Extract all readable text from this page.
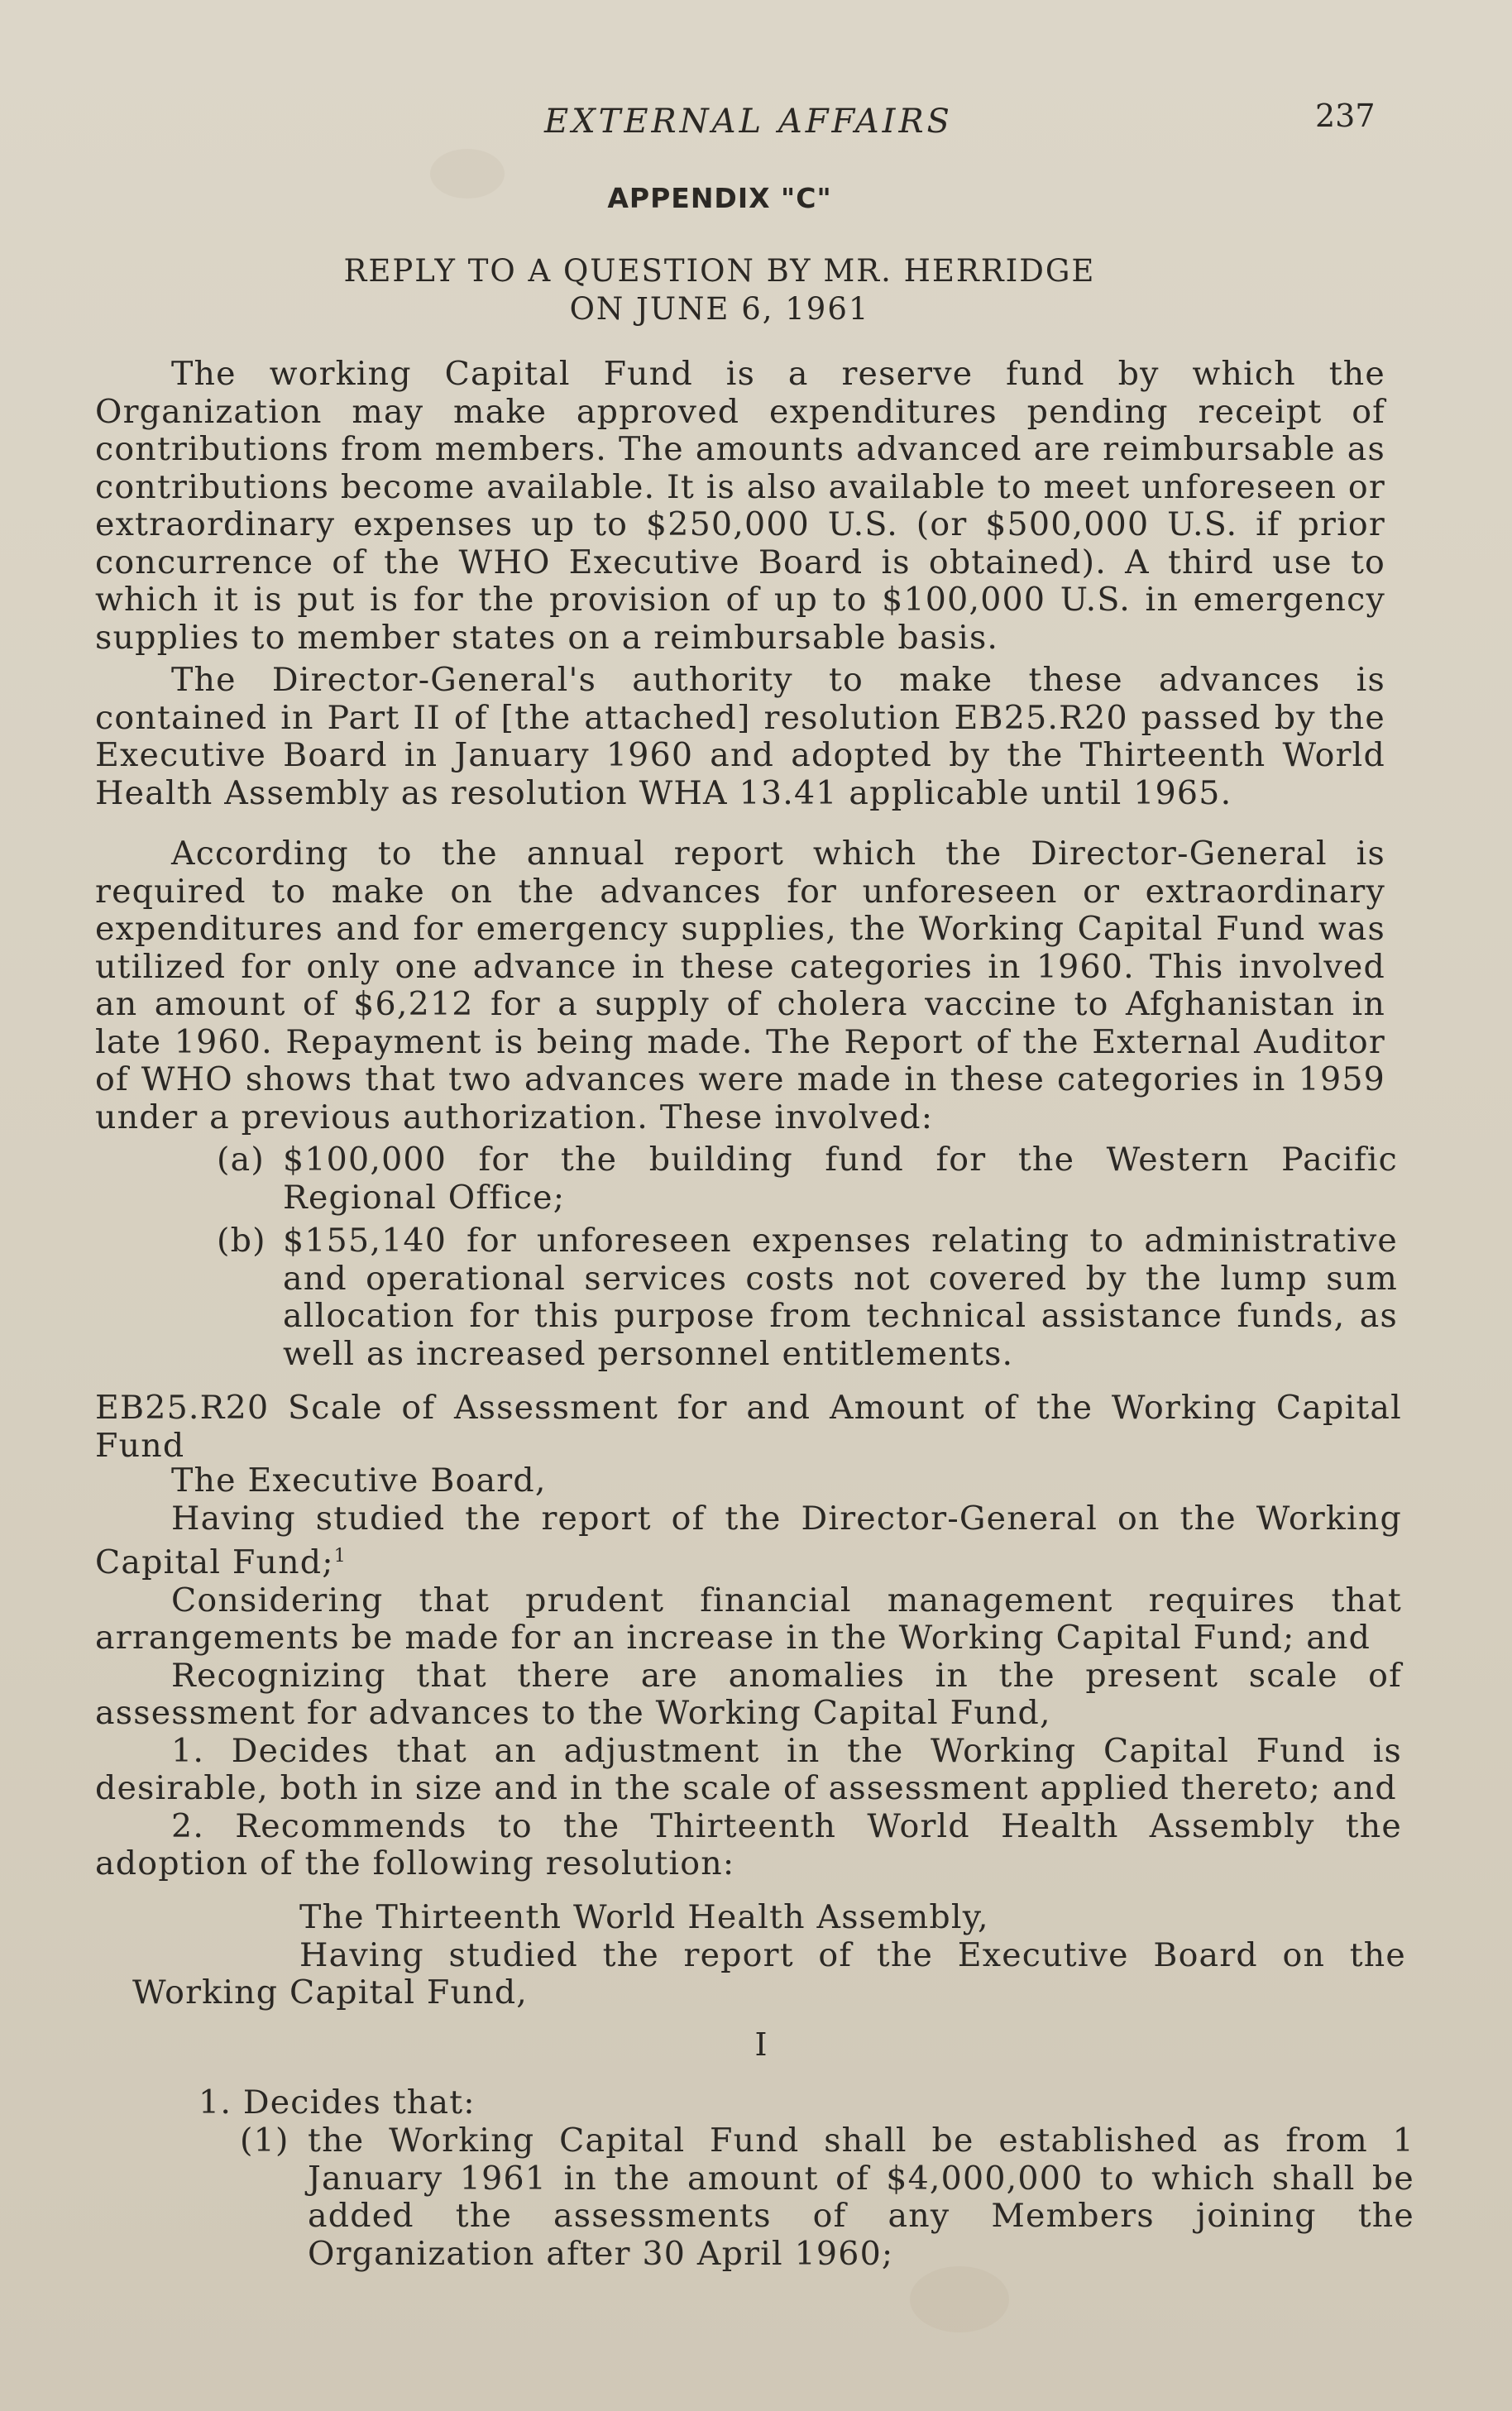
EXTERNAL AFFAIRS	237
APPENDIX "C"
REPLY TO A QUESTION BY MR. HERRIDGE
ON JUNE 6, 1961

The working Capital Fund is a reserve fund by which the Organization may make approved expenditures pending receipt of contributions from members. The amounts advanced are reimbursable as contributions become available. It is also available to meet unforeseen or extraordinary expenses up to $250,000 U.S. (or $500,000 U.S. if prior concurrence of the WHO Executive Board is obtained). A third use to which it is put is for the provision of up to $100,000 U.S. in emergency supplies to member states on a reimbursable basis.

The Director-General's authority to make these advances is contained in Part II of [the attached] resolution EB25.R20 passed by the Executive Board in January 1960 and adopted by the Thirteenth World Health Assembly as resolution WHA 13.41 applicable until 1965.

According to the annual report which the Director-General is required to make on the advances for unforeseen or extraordinary expenditures and for emergency supplies, the Working Capital Fund was utilized for only one advance in these categories in 1960. This involved an amount of $6,212 for a supply of cholera vaccine to Afghanistan in late 1960. Repayment is being made. The Report of the External Auditor of WHO shows that two advances were made in these categories in 1959 under a previous authorization. These involved:

(a) $100,000 for the building fund for the Western Pacific Regional Office;
(b) $155,140 for unforeseen expenses relating to administrative and operational services costs not covered by the lump sum allocation for this purpose from technical assistance funds, as well as increased personnel entitlements.

EB25.R20 Scale of Assessment for and Amount of the Working Capital Fund

The Executive Board,

Having studied the report of the Director-General on the Working Capital Fund;$^1$

Considering that prudent financial management requires that arrangements be made for an increase in the Working Capital Fund; and

Recognizing that there are anomalies in the present scale of assessment for advances to the Working Capital Fund,

1. Decides that an adjustment in the Working Capital Fund is desirable, both in size and in the scale of assessment applied thereto; and

2. Recommends to the Thirteenth World Health Assembly the adoption of the following resolution:

The Thirteenth World Health Assembly,

Having studied the report of the Executive Board on the Working Capital Fund,

I

1. Decides that:

(1) the Working Capital Fund shall be established as from 1 January 1961 in the amount of $4,000,000 to which shall be added the assessments of any Members joining the Organization after 30 April 1960;
